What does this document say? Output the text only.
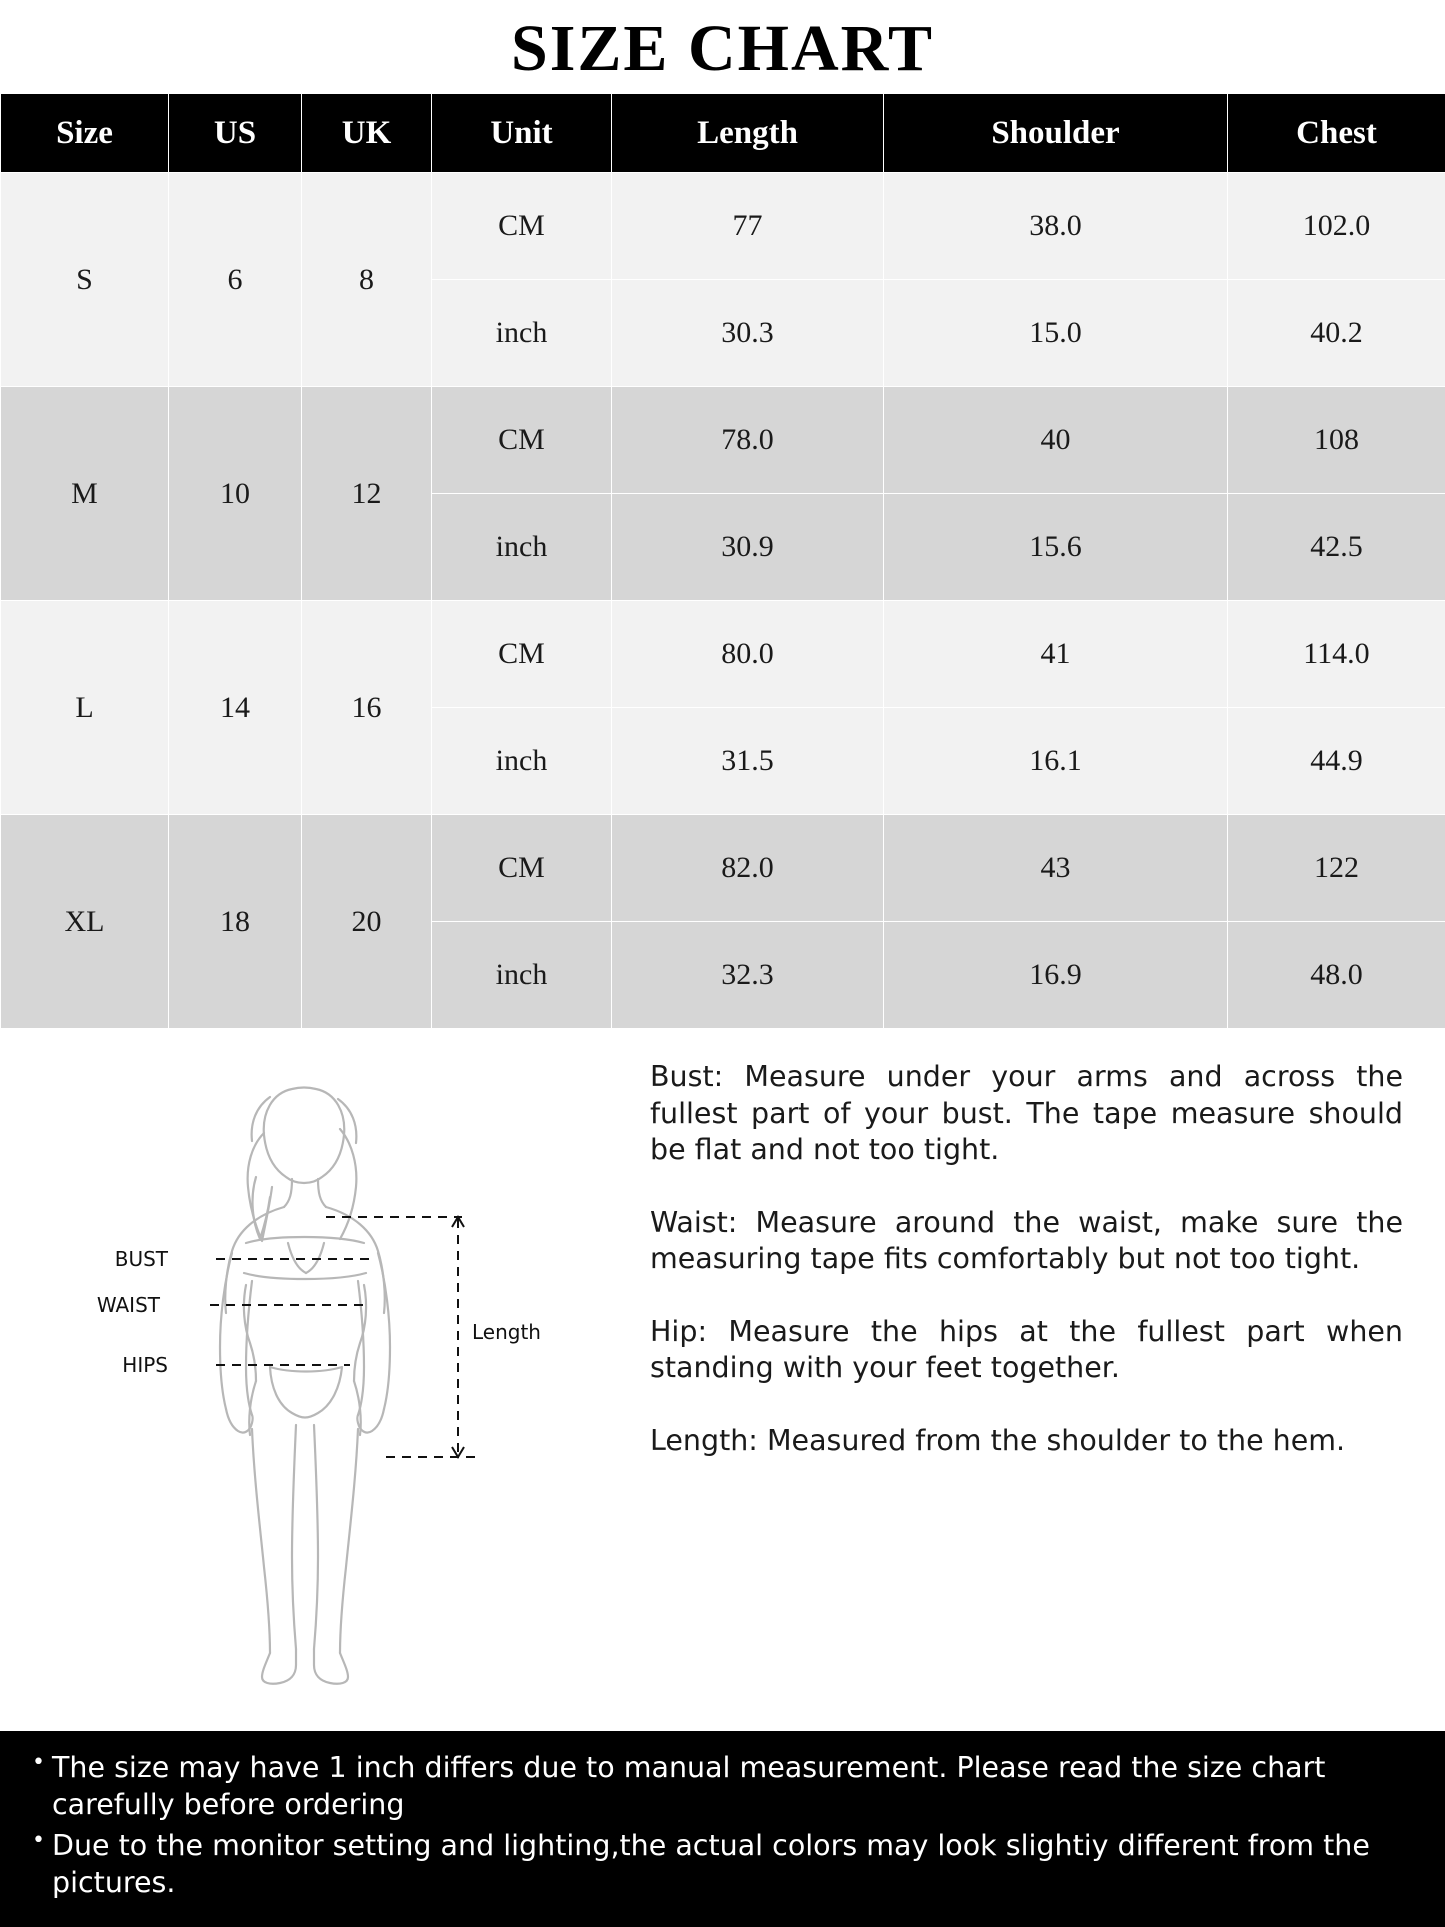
SIZE CHART
Size	US	UK	Unit	Length	Shoulder	Chest
S	6	8	CM	77	38.0	102.0
			inch	30.3	15.0	40.2
M	10	12	CM	78.0	40	108
			inch	30.9	15.6	42.5
L	14	16	CM	80.0	41	114.0
			inch	31.5	16.1	44.9
XL	18	20	CM	82.0	43	122
			inch	32.3	16.9	48.0
BUST
WAIST
HIPS
Length

Bust: Measure under your arms and across the fullest part of your bust. The tape measure should be flat and not too tight.

Waist: Measure around the waist, make sure the measuring tape fits comfortably but not too tight.

Hip: Measure the hips at the fullest part when standing with your feet together.

Length: Measured from the shoulder to the hem.

• The size may have 1 inch differs due to manual measurement. Please read the size chart carefully before ordering
• Due to the monitor setting and lighting,the actual colors may look slightiy different from the pictures.
